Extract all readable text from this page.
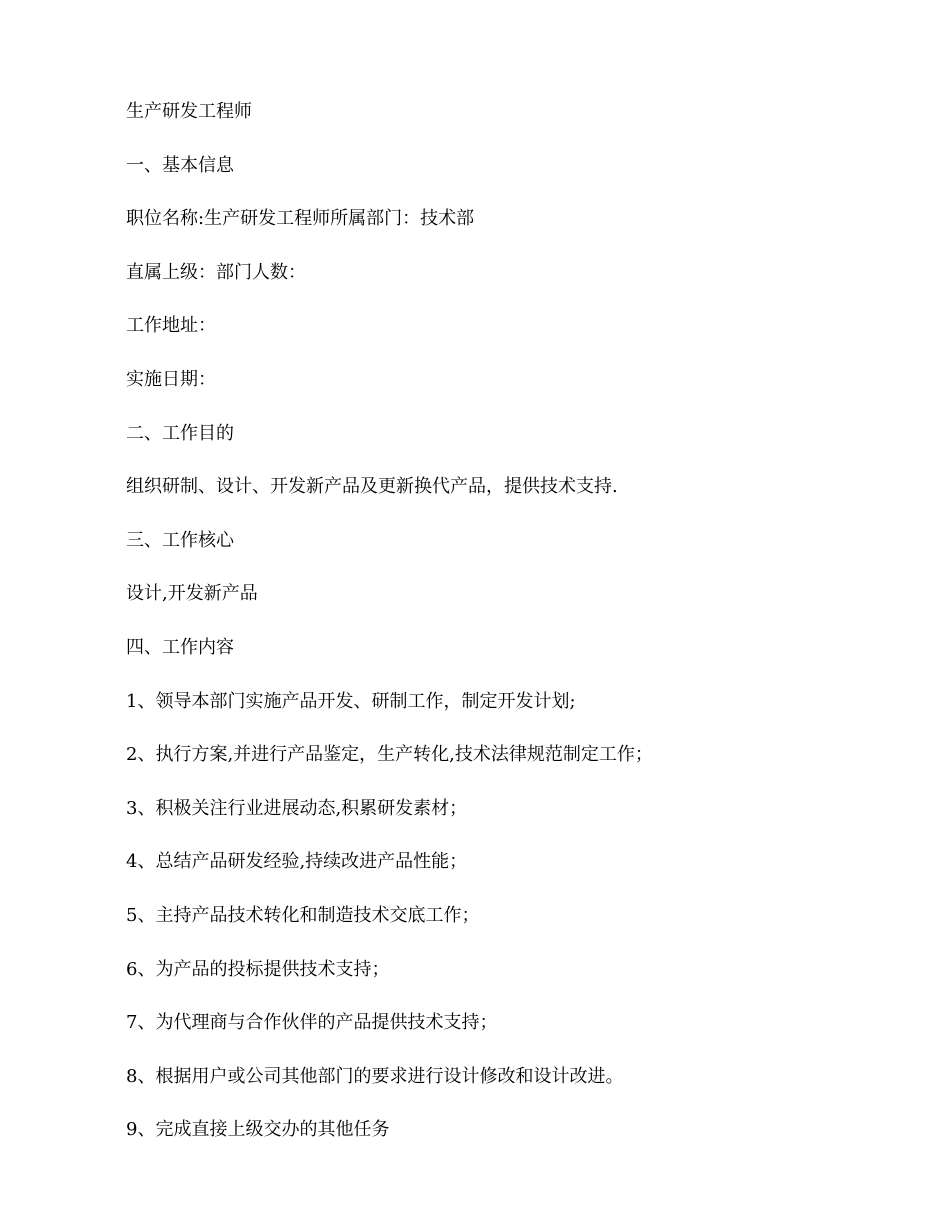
生产研发工程师
一、基本信息
职位名称:生产研发工程师所属部门：技术部
直属上级：部门人数：
工作地址：
实施日期：
二、工作目的
组织研制、设计、开发新产品及更新换代产品，提供技术支持.
三、工作核心
设计,开发新产品
四、工作内容
1、领导本部门实施产品开发、研制工作，制定开发计划;
2、执行方案,并进行产品鉴定，生产转化,技术法律规范制定工作；
3、积极关注行业进展动态,积累研发素材；
4、总结产品研发经验,持续改进产品性能；
5、主持产品技术转化和制造技术交底工作；
6、为产品的投标提供技术支持；
7、为代理商与合作伙伴的产品提供技术支持；
8、根据用户或公司其他部门的要求进行设计修改和设计改进。
9、完成直接上级交办的其他任务
